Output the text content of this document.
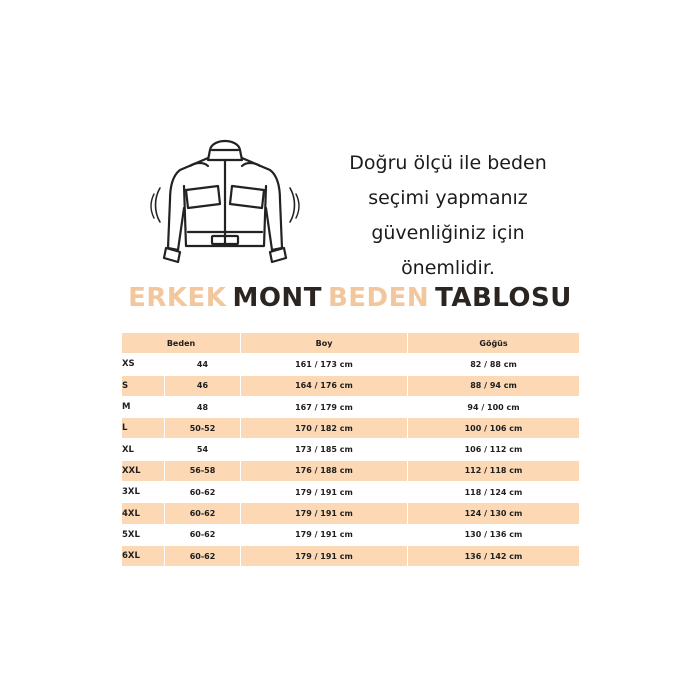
Doğru ölçü ile beden
seçimi yapmanız
güvenliğiniz için
önemlidir.
ERKEK MONT BEDEN TABLOSU
Beden		Boy	Göğüs
XS	44	161 / 173 cm	82 / 88 cm
S	46	164 / 176 cm	88 / 94 cm
M	48	167 / 179 cm	94 / 100 cm
L	50-52	170 / 182 cm	100 / 106 cm
XL	54	173 / 185 cm	106 / 112 cm
XXL	56-58	176 / 188 cm	112 / 118 cm
3XL	60-62	179 / 191 cm	118 / 124 cm
4XL	60-62	179 / 191 cm	124 / 130 cm
5XL	60-62	179 / 191 cm	130 / 136 cm
6XL	60-62	179 / 191 cm	136 / 142 cm
